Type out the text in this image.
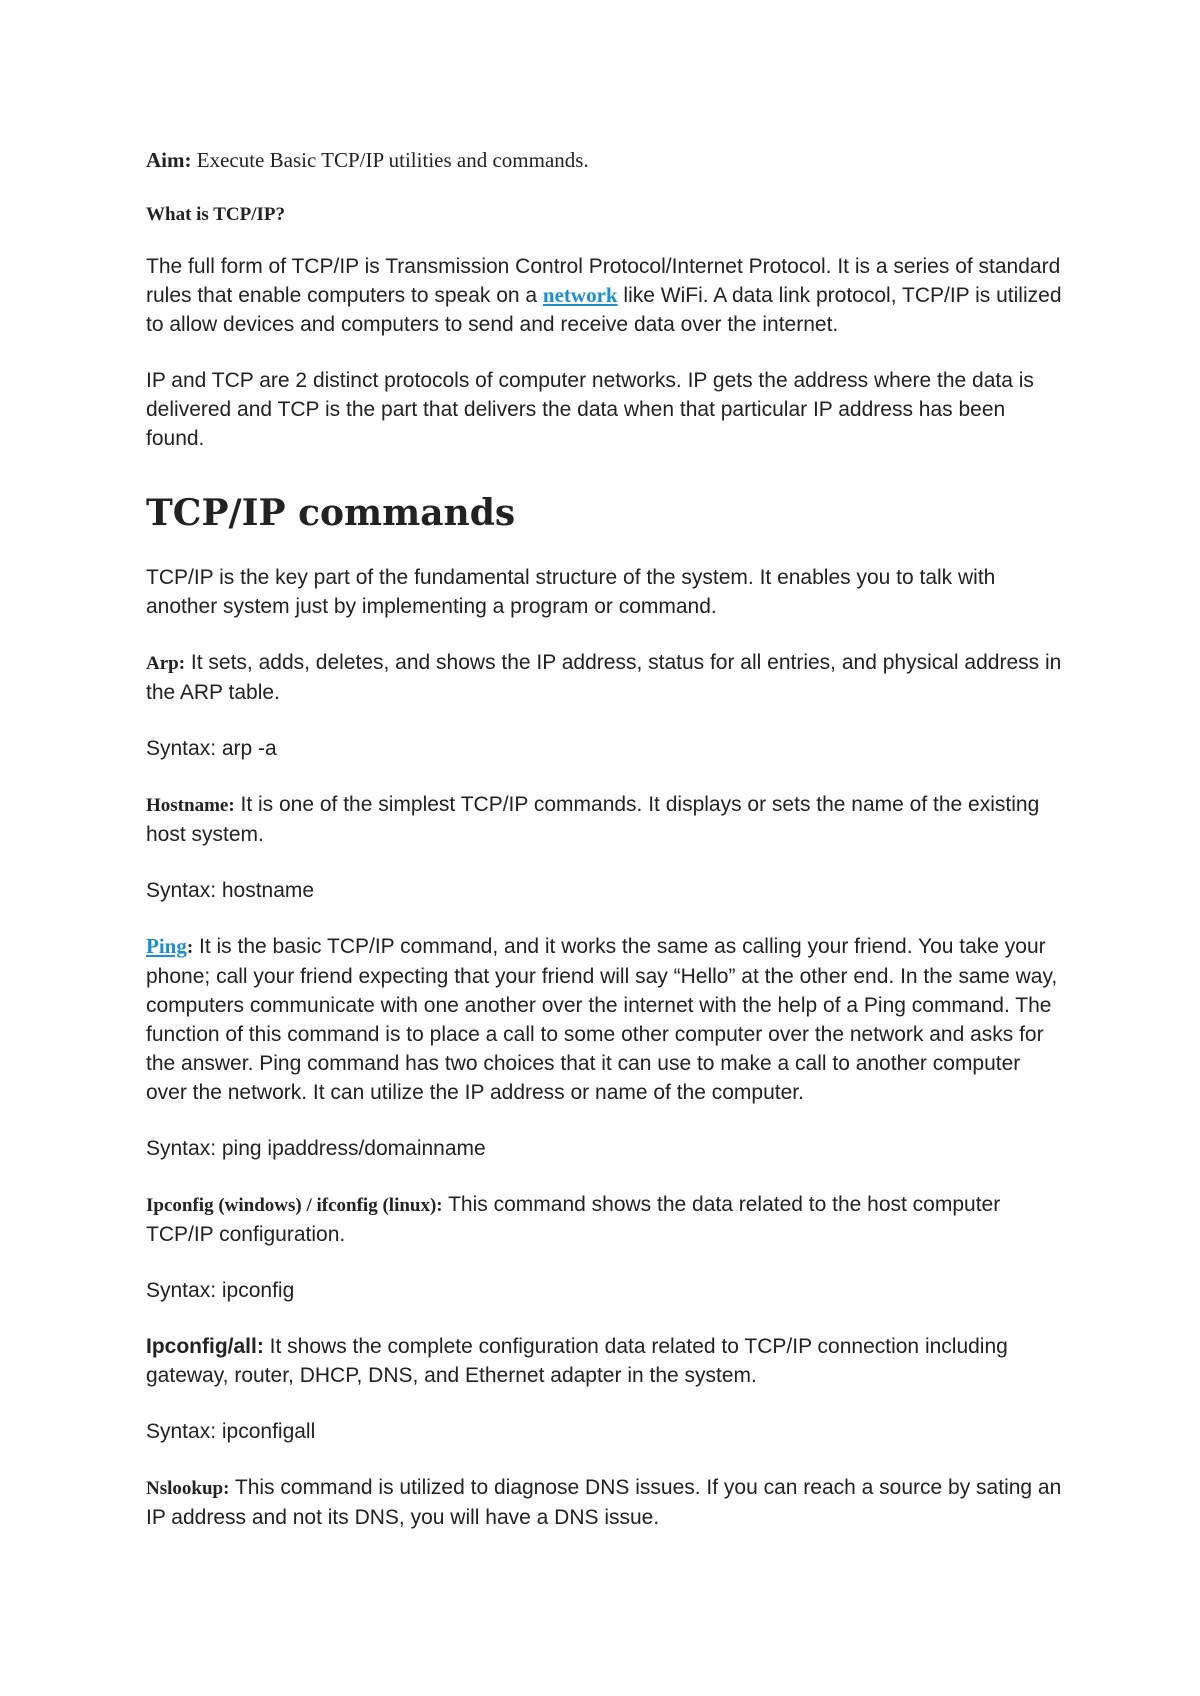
Aim: Execute Basic TCP/IP utilities and commands.

What is TCP/IP?

The full form of TCP/IP is Transmission Control Protocol/Internet Protocol. It is a series of standard rules that enable computers to speak on a network like WiFi. A data link protocol, TCP/IP is utilized to allow devices and computers to send and receive data over the internet.

IP and TCP are 2 distinct protocols of computer networks. IP gets the address where the data is delivered and TCP is the part that delivers the data when that particular IP address has been found.

TCP/IP commands

TCP/IP is the key part of the fundamental structure of the system. It enables you to talk with another system just by implementing a program or command.

Arp: It sets, adds, deletes, and shows the IP address, status for all entries, and physical address in the ARP table.

Syntax: arp -a

Hostname: It is one of the simplest TCP/IP commands. It displays or sets the name of the existing host system.

Syntax: hostname

Ping: It is the basic TCP/IP command, and it works the same as calling your friend. You take your phone; call your friend expecting that your friend will say “Hello” at the other end. In the same way, computers communicate with one another over the internet with the help of a Ping command. The function of this command is to place a call to some other computer over the network and asks for the answer. Ping command has two choices that it can use to make a call to another computer over the network. It can utilize the IP address or name of the computer.

Syntax: ping ipaddress/domainname

Ipconfig (windows) / ifconfig (linux): This command shows the data related to the host computer TCP/IP configuration.

Syntax: ipconfig

Ipconfig/all: It shows the complete configuration data related to TCP/IP connection including gateway, router, DHCP, DNS, and Ethernet adapter in the system.

Syntax: ipconfigall

Nslookup: This command is utilized to diagnose DNS issues. If you can reach a source by sating an IP address and not its DNS, you will have a DNS issue.
